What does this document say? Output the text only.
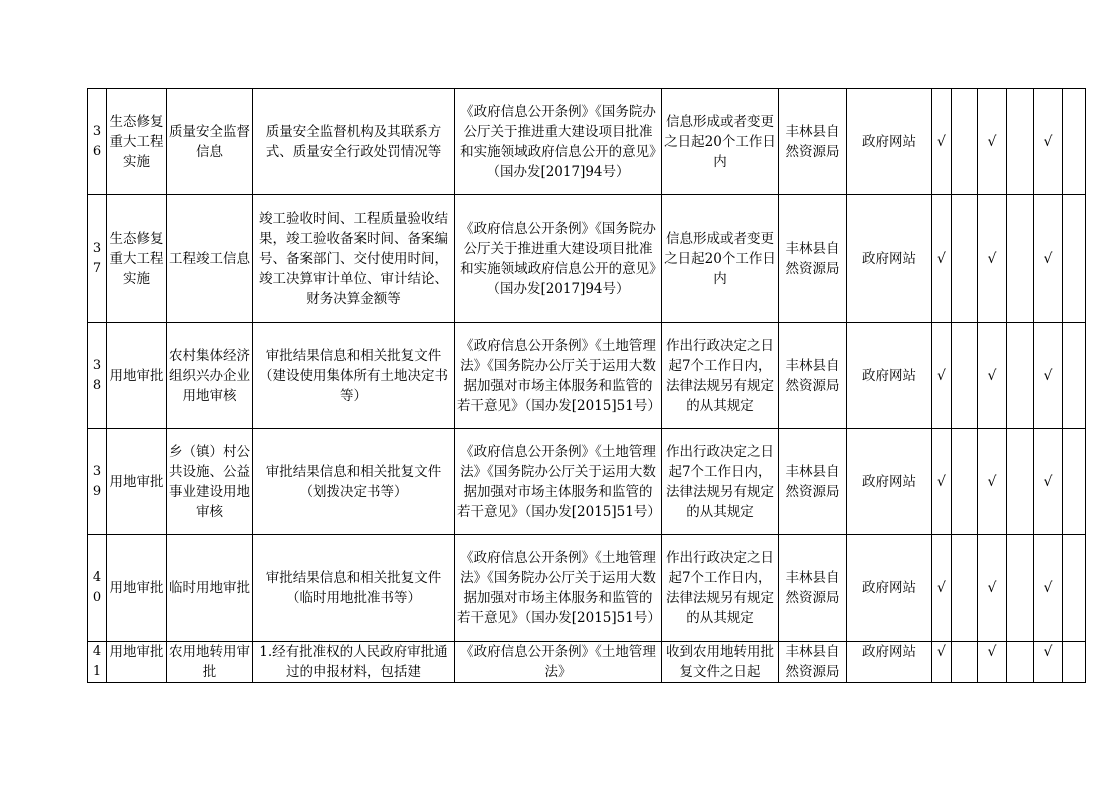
36	生态修复重大工程实施	质量安全监督信息	质量安全监督机构及其联系方式、质量安全行政处罚情况等	《政府信息公开条例》《国务院办公厅关于推进重大建设项目批准和实施领域政府信息公开的意见》（国办发[2017]94号）	信息形成或者变更之日起20个工作日内	丰林县自然资源局	政府网站	√		√		√	
37	生态修复重大工程实施	工程竣工信息	竣工验收时间、工程质量验收结果，竣工验收备案时间、备案编号、备案部门、交付使用时间，竣工决算审计单位、审计结论、财务决算金额等	《政府信息公开条例》《国务院办公厅关于推进重大建设项目批准和实施领域政府信息公开的意见》（国办发[2017]94号）	信息形成或者变更之日起20个工作日内	丰林县自然资源局	政府网站	√		√		√	
38	用地审批	农村集体经济组织兴办企业用地审核	审批结果信息和相关批复文件（建设使用集体所有土地决定书等）	《政府信息公开条例》《土地管理法》《国务院办公厅关于运用大数据加强对市场主体服务和监管的若干意见》（国办发[2015]51号）	作出行政决定之日起7个工作日内，法律法规另有规定的从其规定	丰林县自然资源局	政府网站	√		√		√	
39	用地审批	乡（镇）村公共设施、公益事业建设用地审核	审批结果信息和相关批复文件（划拨决定书等）	《政府信息公开条例》《土地管理法》《国务院办公厅关于运用大数据加强对市场主体服务和监管的若干意见》（国办发[2015]51号）	作出行政决定之日起7个工作日内，法律法规另有规定的从其规定	丰林县自然资源局	政府网站	√		√		√	
40	用地审批	临时用地审批	审批结果信息和相关批复文件（临时用地批准书等）	《政府信息公开条例》《土地管理法》《国务院办公厅关于运用大数据加强对市场主体服务和监管的若干意见》（国办发[2015]51号）	作出行政决定之日起7个工作日内，法律法规另有规定的从其规定	丰林县自然资源局	政府网站	√		√		√	
41	用地审批	农用地转用审批	1.经有批准权的人民政府审批通过的申报材料，包括建	《政府信息公开条例》《土地管理法》	收到农用地转用批复文件之日起	丰林县自然资源局	政府网站	√		√		√	
